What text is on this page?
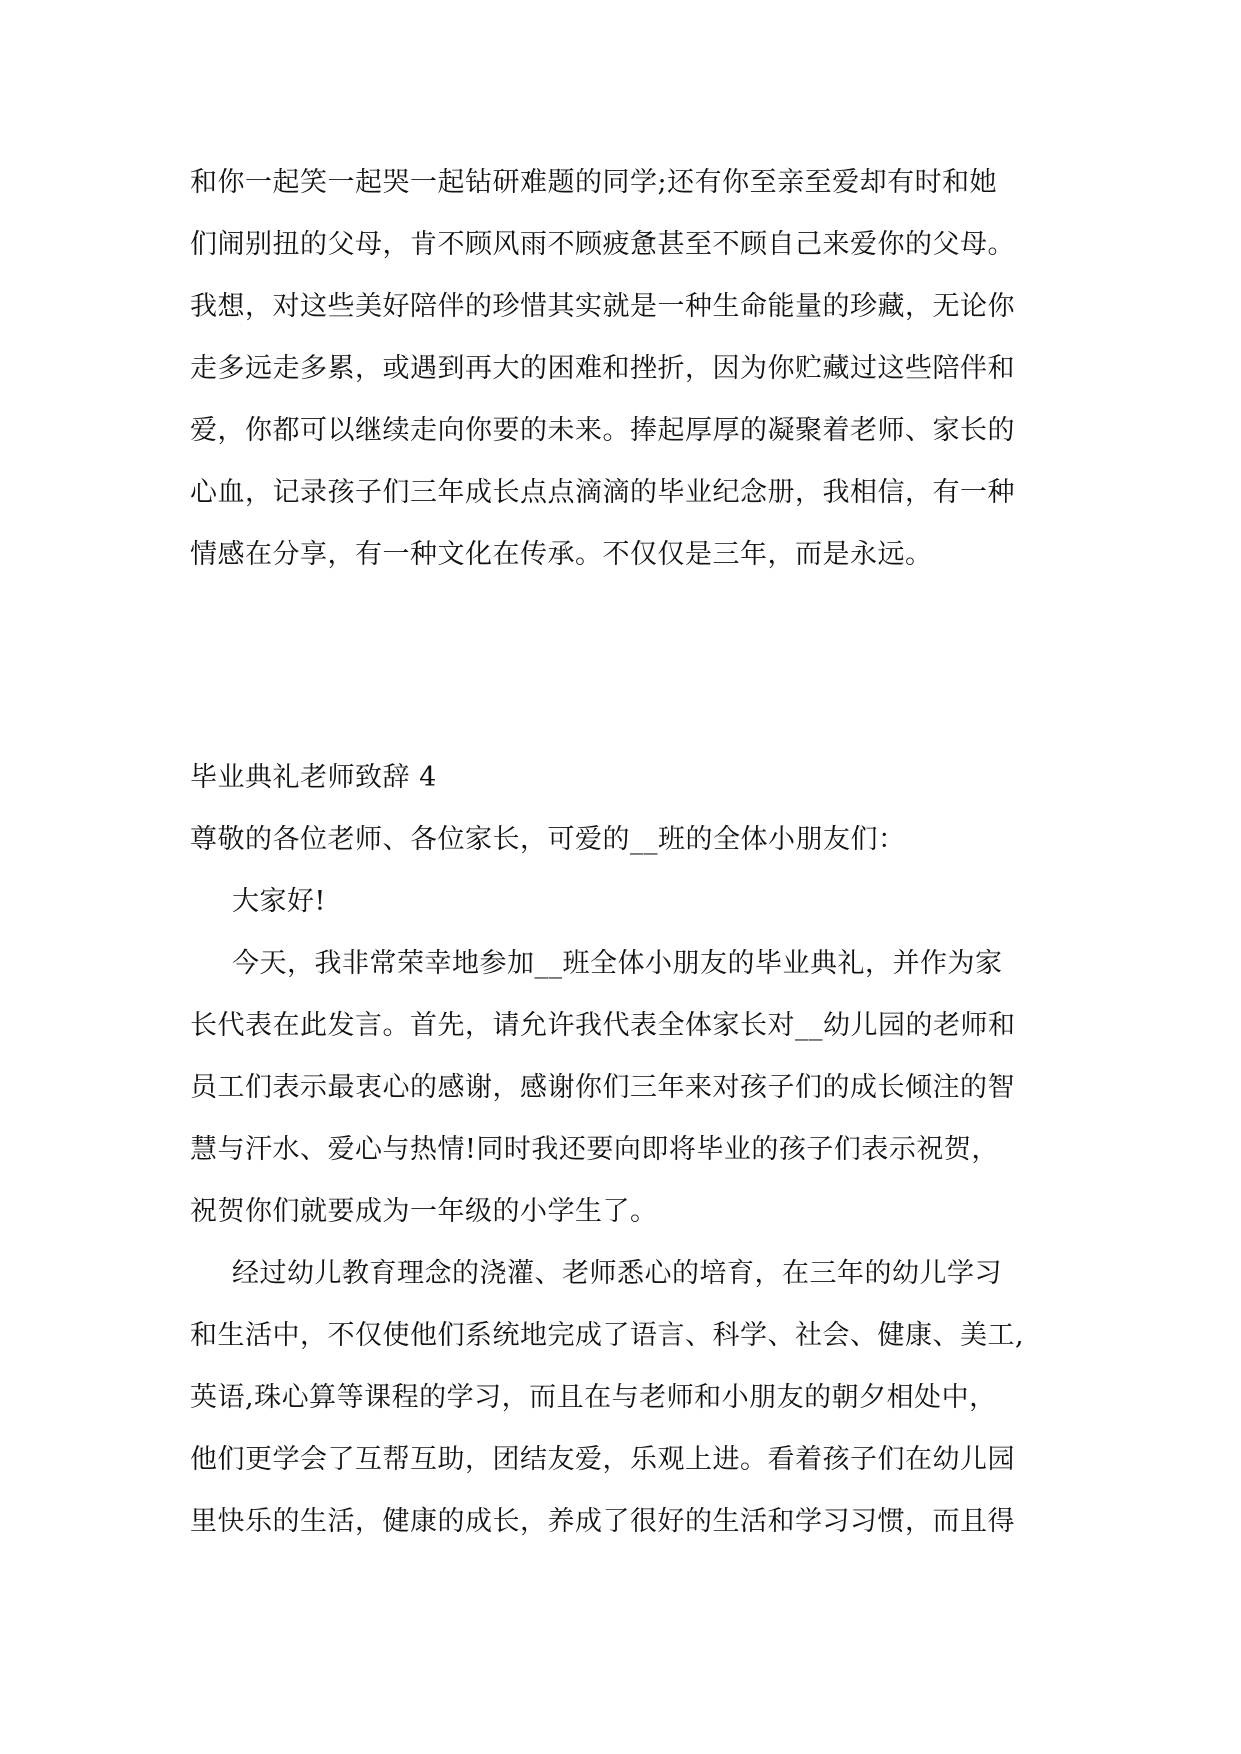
和你一起笑一起哭一起钻研难题的同学;还有你至亲至爱却有时和她
们闹别扭的父母，肯不顾风雨不顾疲惫甚至不顾自己来爱你的父母。
我想，对这些美好陪伴的珍惜其实就是一种生命能量的珍藏，无论你
走多远走多累，或遇到再大的困难和挫折，因为你贮藏过这些陪伴和
爱，你都可以继续走向你要的未来。捧起厚厚的凝聚着老师、家长的
心血，记录孩子们三年成长点点滴滴的毕业纪念册，我相信，有一种
情感在分享，有一种文化在传承。不仅仅是三年，而是永远。
毕业典礼老师致辞 4
尊敬的各位老师、各位家长，可爱的__班的全体小朋友们：
大家好!
今天，我非常荣幸地参加__班全体小朋友的毕业典礼，并作为家
长代表在此发言。首先，请允许我代表全体家长对__幼儿园的老师和
员工们表示最衷心的感谢，感谢你们三年来对孩子们的成长倾注的智
慧与汗水、爱心与热情!同时我还要向即将毕业的孩子们表示祝贺，
祝贺你们就要成为一年级的小学生了。
经过幼儿教育理念的浇灌、老师悉心的培育，在三年的幼儿学习
和生活中，不仅使他们系统地完成了语言、科学、社会、健康、美工,
英语,珠心算等课程的学习，而且在与老师和小朋友的朝夕相处中，
他们更学会了互帮互助，团结友爱，乐观上进。看着孩子们在幼儿园
里快乐的生活，健康的成长，养成了很好的生活和学习习惯，而且得
